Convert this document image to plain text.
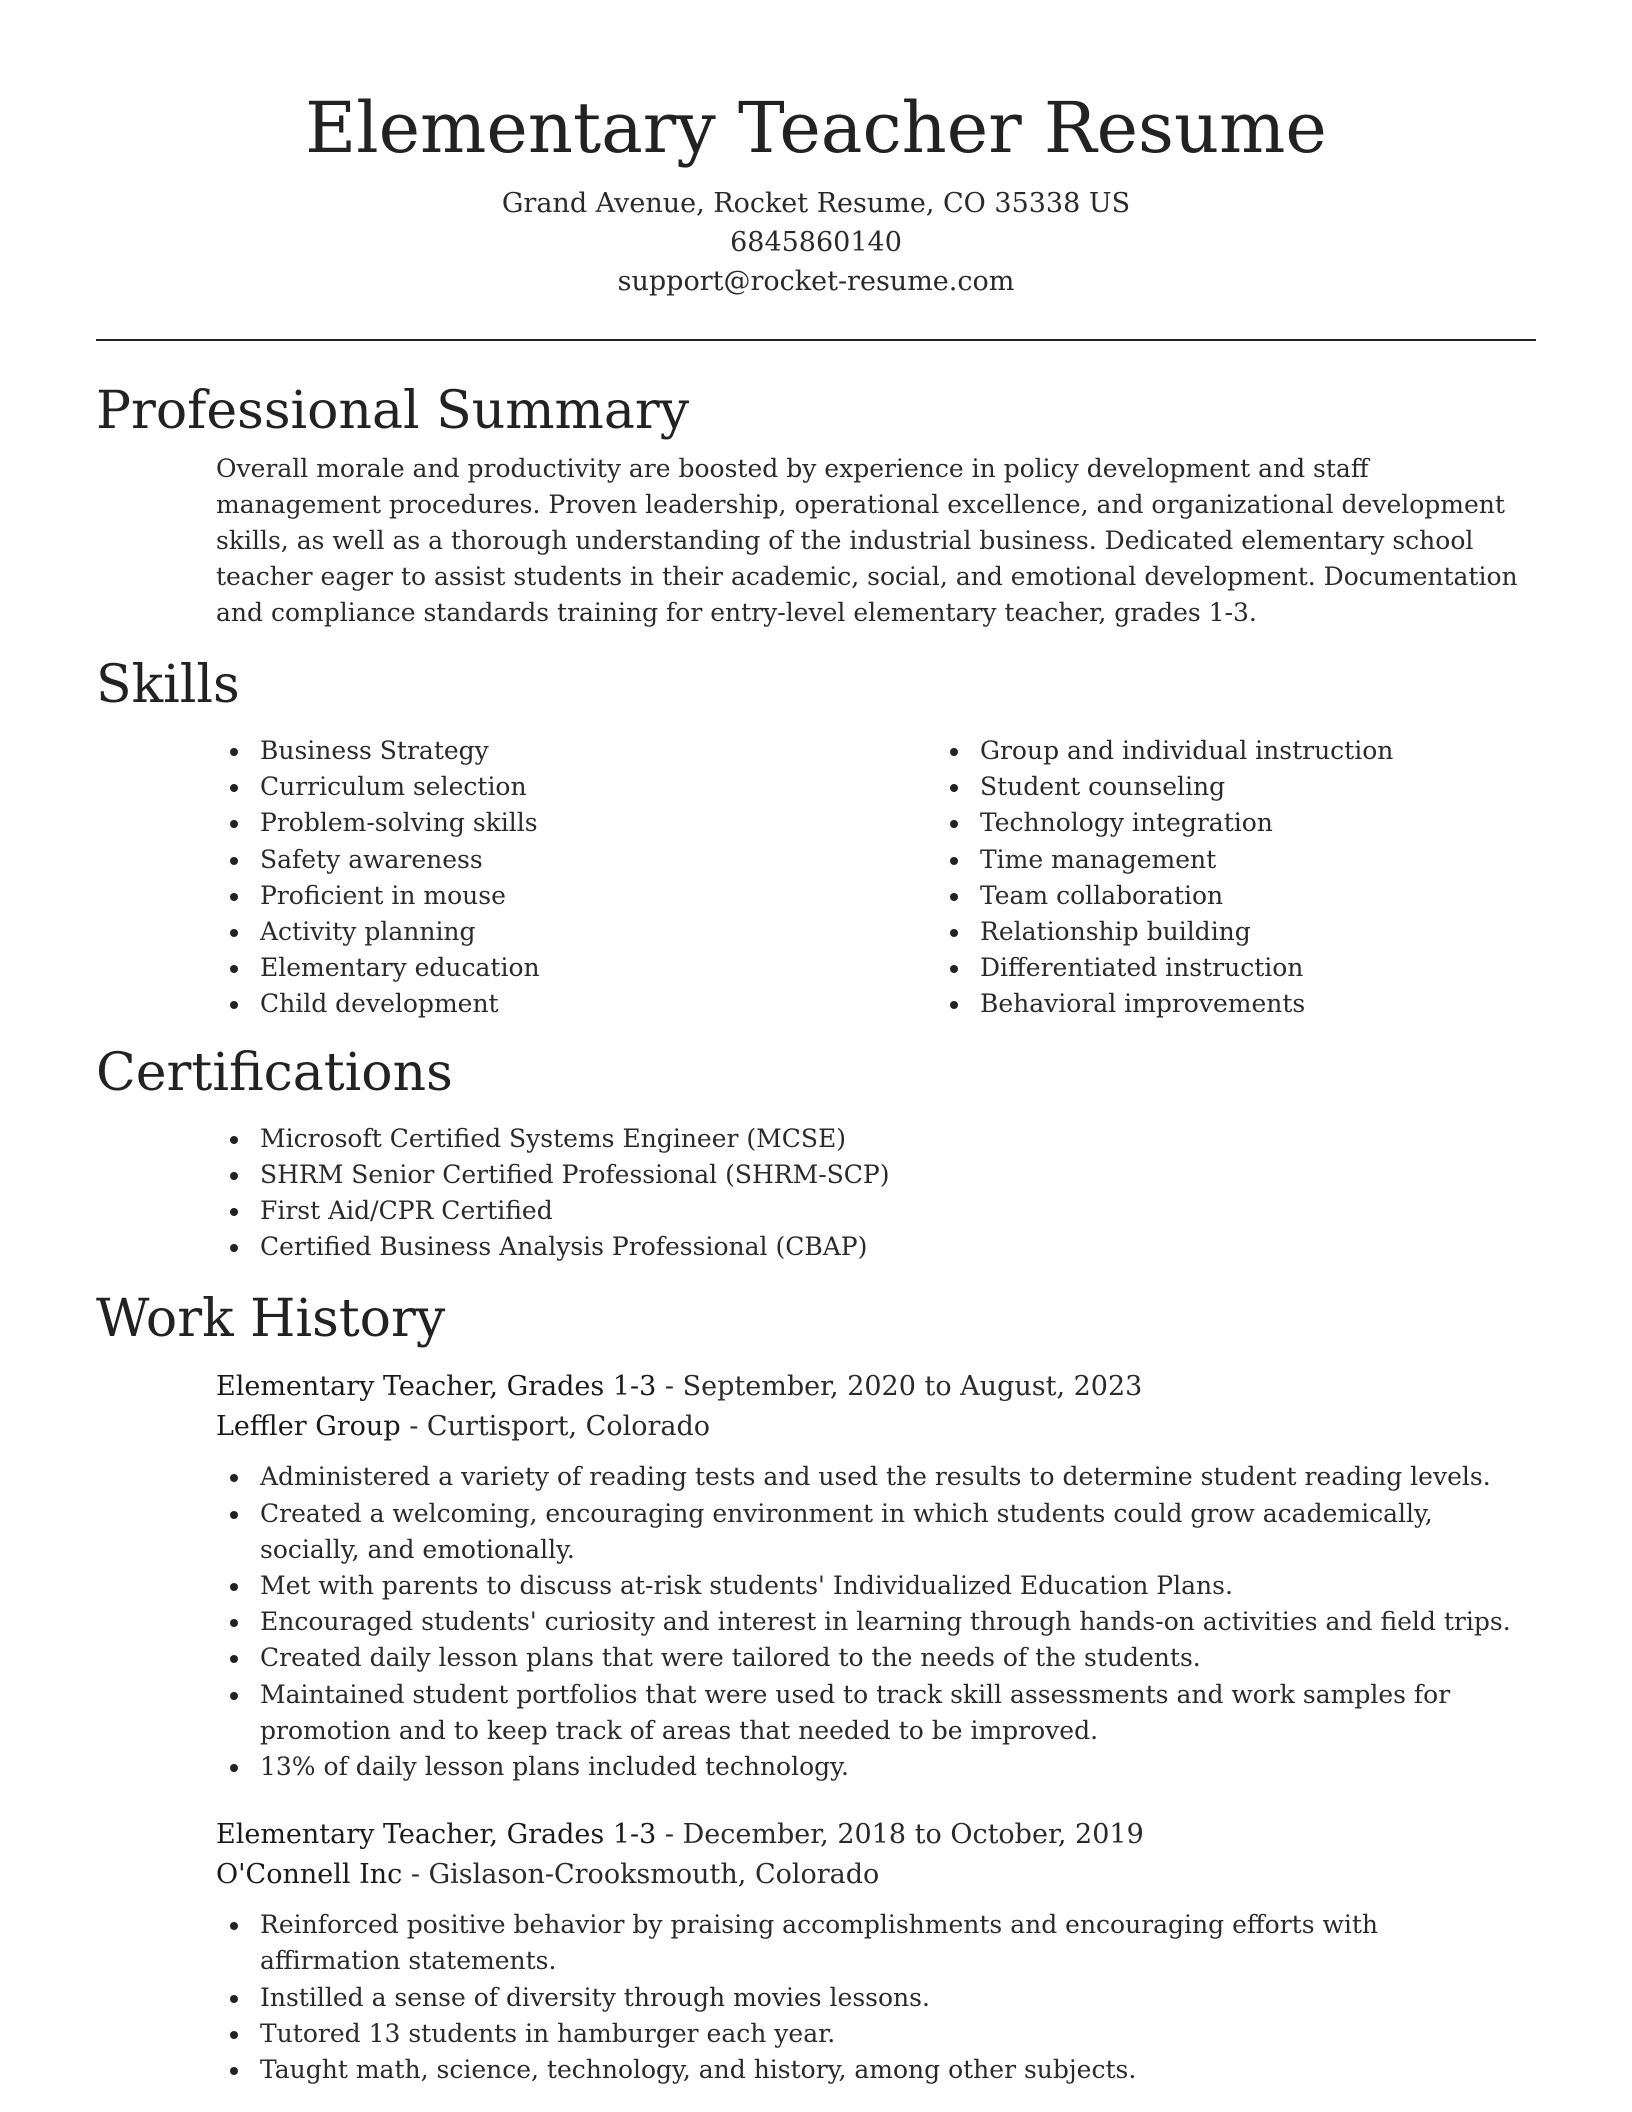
Elementary Teacher Resume
Grand Avenue, Rocket Resume, CO 35338 US
6845860140
support@rocket-resume.com
Professional Summary

Overall morale and productivity are boosted by experience in policy development and staff management procedures. Proven leadership, operational excellence, and organizational development skills, as well as a thorough understanding of the industrial business. Dedicated elementary school teacher eager to assist students in their academic, social, and emotional development. Documentation and compliance standards training for entry-level elementary teacher, grades 1-3.

Skills
Business Strategy
Curriculum selection
Problem-solving skills
Safety awareness
Proficient in mouse
Activity planning
Elementary education
Child development
Group and individual instruction
Student counseling
Technology integration
Time management
Team collaboration
Relationship building
Differentiated instruction
Behavioral improvements
Certifications
Microsoft Certified Systems Engineer (MCSE)
SHRM Senior Certified Professional (SHRM-SCP)
First Aid/CPR Certified
Certified Business Analysis Professional (CBAP)
Work History

Elementary Teacher, Grades 1-3 - September, 2020 to August, 2023

Leffler Group - Curtisport, Colorado

Administered a variety of reading tests and used the results to determine student reading levels.
Created a welcoming, encouraging environment in which students could grow academically, socially, and emotionally.
Met with parents to discuss at-risk students' Individualized Education Plans.
Encouraged students' curiosity and interest in learning through hands-on activities and field trips.
Created daily lesson plans that were tailored to the needs of the students.
Maintained student portfolios that were used to track skill assessments and work samples for promotion and to keep track of areas that needed to be improved.
13% of daily lesson plans included technology.

Elementary Teacher, Grades 1-3 - December, 2018 to October, 2019

O'Connell Inc - Gislason-Crooksmouth, Colorado

Reinforced positive behavior by praising accomplishments and encouraging efforts with affirmation statements.
Instilled a sense of diversity through movies lessons.
Tutored 13 students in hamburger each year.
Taught math, science, technology, and history, among other subjects.
